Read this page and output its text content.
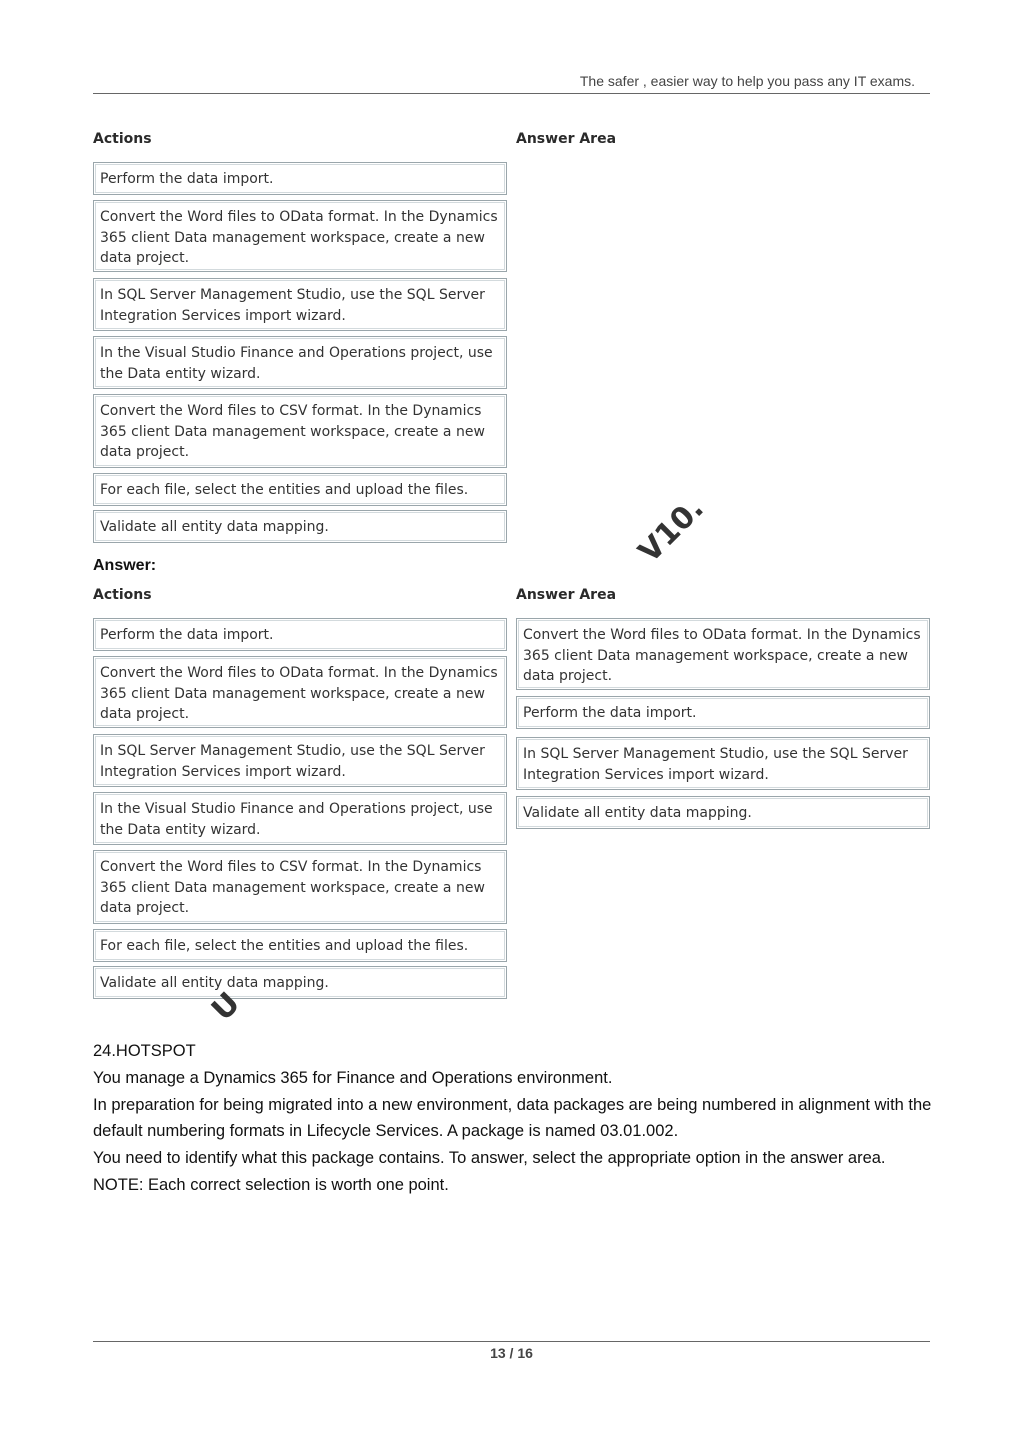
The safer , easier way to help you pass any IT exams.
Actions	Answer Area
Perform the data import.
Convert the Word files to OData format. In the Dynamics 365 client Data management workspace, create a new data project.
In SQL Server Management Studio, use the SQL Server Integration Services import wizard.
In the Visual Studio Finance and Operations project, use the Data entity wizard.
Convert the Word files to CSV format. In the Dynamics 365 client Data management workspace, create a new data project.
For each file, select the entities and upload the files.
Validate all entity data mapping.
Answer:	V10.
Actions	Answer Area
Perform the data import.
Convert the Word files to OData format. In the Dynamics 365 client Data management workspace, create a new data project.
In SQL Server Management Studio, use the SQL Server Integration Services import wizard.
In the Visual Studio Finance and Operations project, use the Data entity wizard.
Convert the Word files to CSV format. In the Dynamics 365 client Data management workspace, create a new data project.
For each file, select the entities and upload the files.
Validate all entity data mapping.
Convert the Word files to OData format. In the Dynamics 365 client Data management workspace, create a new data project.
Perform the data import.
In SQL Server Management Studio, use the SQL Server Integration Services import wizard.
Validate all entity data mapping.
U

24.HOTSPOT

You manage a Dynamics 365 for Finance and Operations environment.

In preparation for being migrated into a new environment, data packages are being numbered in alignment with the default numbering formats in Lifecycle Services. A package is named 03.01.002.

You need to identify what this package contains. To answer, select the appropriate option in the answer area. NOTE: Each correct selection is worth one point.

13 / 16
